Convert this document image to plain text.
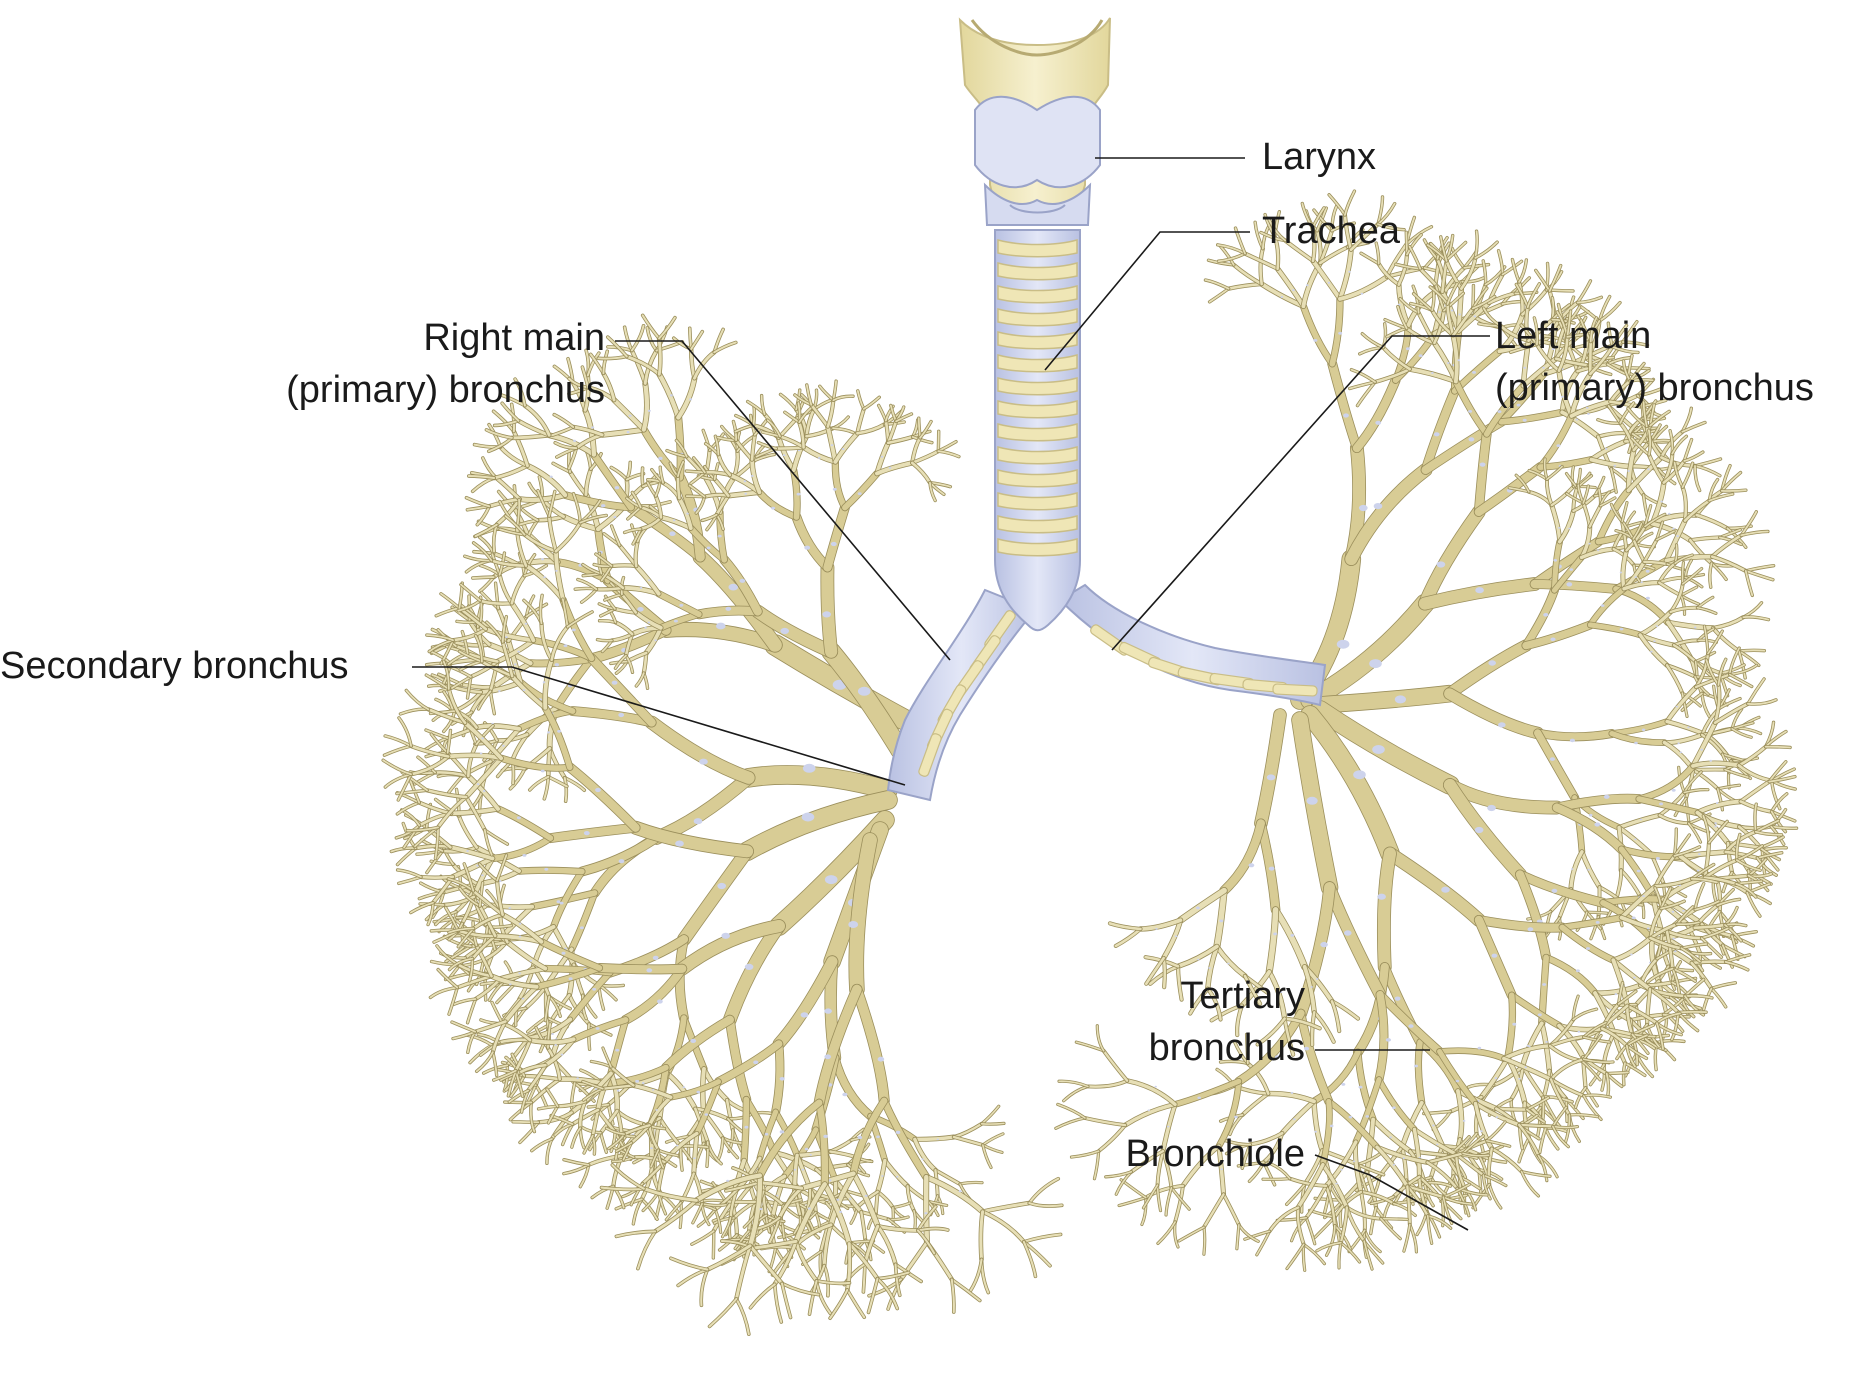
Larynx
Trachea
Right main
(primary) bronchus
Left main
(primary) bronchus
Secondary bronchus
Tertiary
bronchus
Bronchiole
